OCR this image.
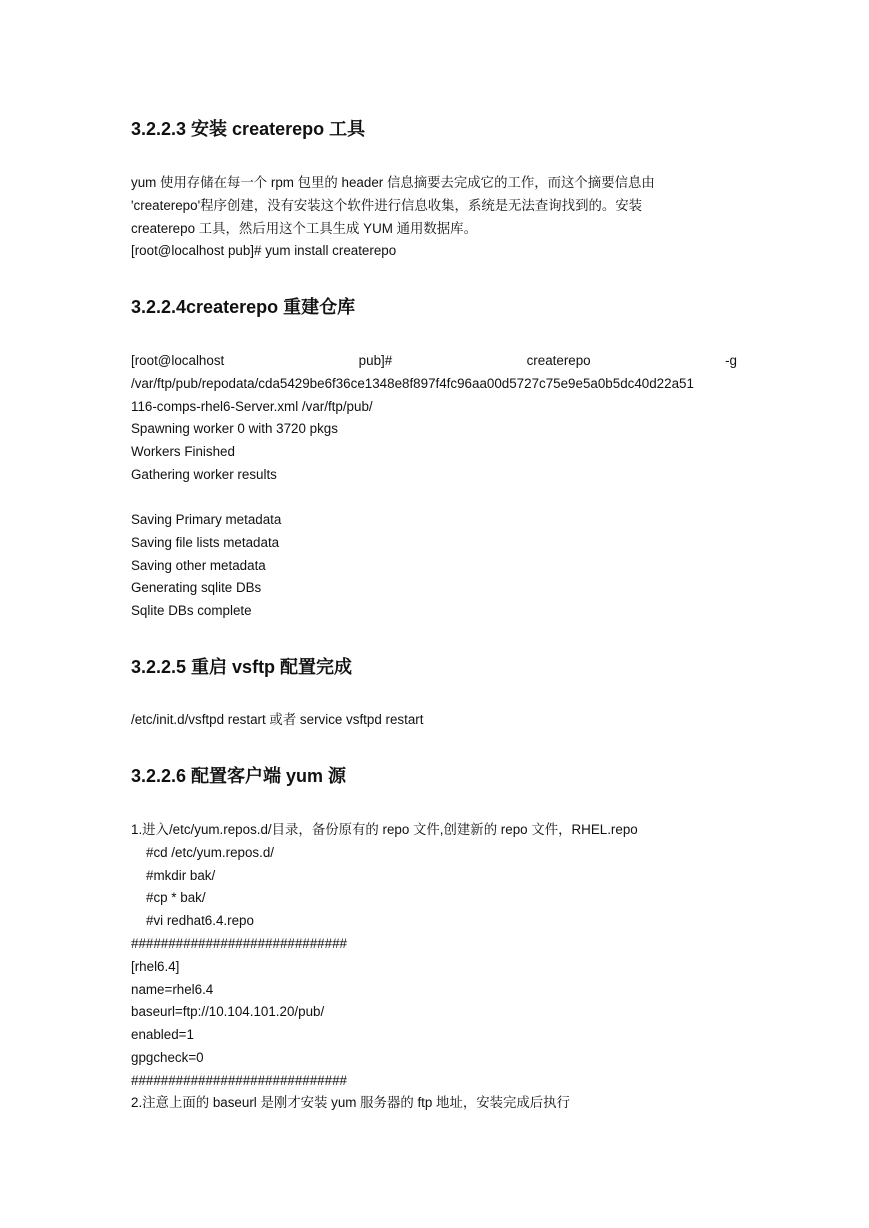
3.2.2.3 安装 createrepo 工具
yum 使用存储在每一个 rpm 包里的 header 信息摘要去完成它的工作，而这个摘要信息由
'createrepo'程序创建，没有安装这个软件进行信息收集，系统是无法查询找到的。安装
createrepo 工具，然后用这个工具生成 YUM 通用数据库。
[root@localhost pub]# yum install createrepo
3.2.2.4createrepo 重建仓库
[root@localhost	pub]#	createrepo	-g
/var/ftp/pub/repodata/cda5429be6f36ce1348e8f897f4fc96aa00d5727c75e9e5a0b5dc40d22a51
116-comps-rhel6-Server.xml /var/ftp/pub/
Spawning worker 0 with 3720 pkgs
Workers Finished
Gathering worker results
Saving Primary metadata
Saving file lists metadata
Saving other metadata
Generating sqlite DBs
Sqlite DBs complete
3.2.2.5 重启 vsftp 配置完成
/etc/init.d/vsftpd restart 或者 service vsftpd restart
3.2.2.6 配置客户端 yum 源
1.进入/etc/yum.repos.d/目录，备份原有的 repo 文件,创建新的 repo 文件，RHEL.repo
#cd /etc/yum.repos.d/
#mkdir bak/
#cp * bak/
#vi redhat6.4.repo
#############################
[rhel6.4]
name=rhel6.4
baseurl=ftp://10.104.101.20/pub/
enabled=1
gpgcheck=0
#############################
2.注意上面的 baseurl 是刚才安装 yum 服务器的 ftp 地址，安装完成后执行
